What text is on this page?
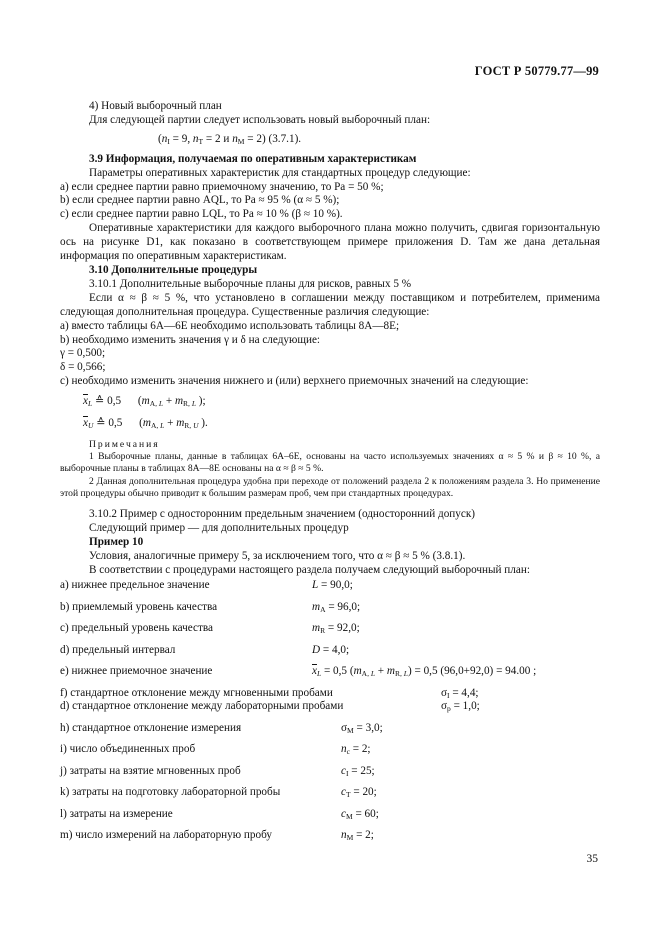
ГОСТ Р 50779.77—99

4) Новый выборочный план

Для следующей партии следует использовать новый выборочный план:

($n_I = 9$, $n_T = 2$ и $n_M = 2$) (3.7.1).

3.9 Информация, получаемая по оперативным характеристикам

Параметры оперативных характеристик для стандартных процедур следующие:

а) если среднее партии равно приемочному значению, то Pa = 50 %;

b) если среднее партии равно AQL, то Pa ≈ 95 % (α ≈ 5 %);

c) если среднее партии равно LQL, то Pa ≈ 10 % (β ≈ 10 %).

Оперативные характеристики для каждого выборочного плана можно получить, сдвигая горизонтальную ось на рисунке D1, как показано в соответствующем примере приложения D. Там же дана детальная информация по оперативным характеристикам.

3.10 Дополнительные процедуры

3.10.1 Дополнительные выборочные планы для рисков, равных 5 %

Если α ≈ β ≈ 5 %, что установлено в соглашении между поставщиком и потребителем, применима следующая дополнительная процедура. Существенные различия следующие:

а) вместо таблицы 6A—6E необходимо использовать таблицы 8A—8E;

b) необходимо изменить значения γ и δ на следующие:

γ = 0,500;

δ = 0,566;

c) необходимо изменить значения нижнего и (или) верхнего приемочных значений на следующие:

$\overline{x}_L$ ≙ 0,5      ($m_{A, L} + m_{R, L}$ );

$\overline{x}_U$ ≙ 0,5      ($m_{A, L} + m_{R, U}$ ).

Примечания

1 Выборочные планы, данные в таблицах 6A–6E, основаны на часто используемых значениях α ≈ 5 % и β ≈ 10 %, а выборочные планы в таблицах 8A—8E основаны на α ≈ β ≈ 5 %.

2 Данная дополнительная процедура удобна при переходе от положений раздела 2 к положениям раздела 3. Но применение этой процедуры обычно приводит к большим размерам проб, чем при стандартных процедурах.

3.10.2 Пример с односторонним предельным значением (односторонний допуск)

Следующий пример — для дополнительных процедур

Пример 10

Условия, аналогичные примеру 5, за исключением того, что α ≈ β ≈ 5 % (3.8.1).

В соответствии с процедурами настоящего раздела получаем следующий выборочный план:

а) нижнее предельное значение	L = 90,0;
b) приемлемый уровень качества	$m_A = 96,0$;
c) предельный уровень качества	$m_R = 92,0$;
d) предельный интервал	D = 4,0;
e) нижнее приемочное значение	$\overline{x}_L = 0,5$ $(m_{A, L} + m_{R, L}) = 0,5$ (96,0+92,0) = 94.00 ;
f) стандартное отклонение между мгновенными пробами	$\sigma_I = 4,4$;
d) стандартное отклонение между лабораторными пробами	$\sigma_p = 1,0$;
h) стандартное отклонение измерения	$\sigma_M = 3,0$;
i) число объединенных проб	$n_c = 2$;
j) затраты на взятие мгновенных проб	$c_I = 25$;
k) затраты на подготовку лабораторной пробы	$c_T = 20$;
l) затраты на измерение	$c_M = 60$;
m) число измерений на лабораторную пробу	$n_M = 2$;
35
